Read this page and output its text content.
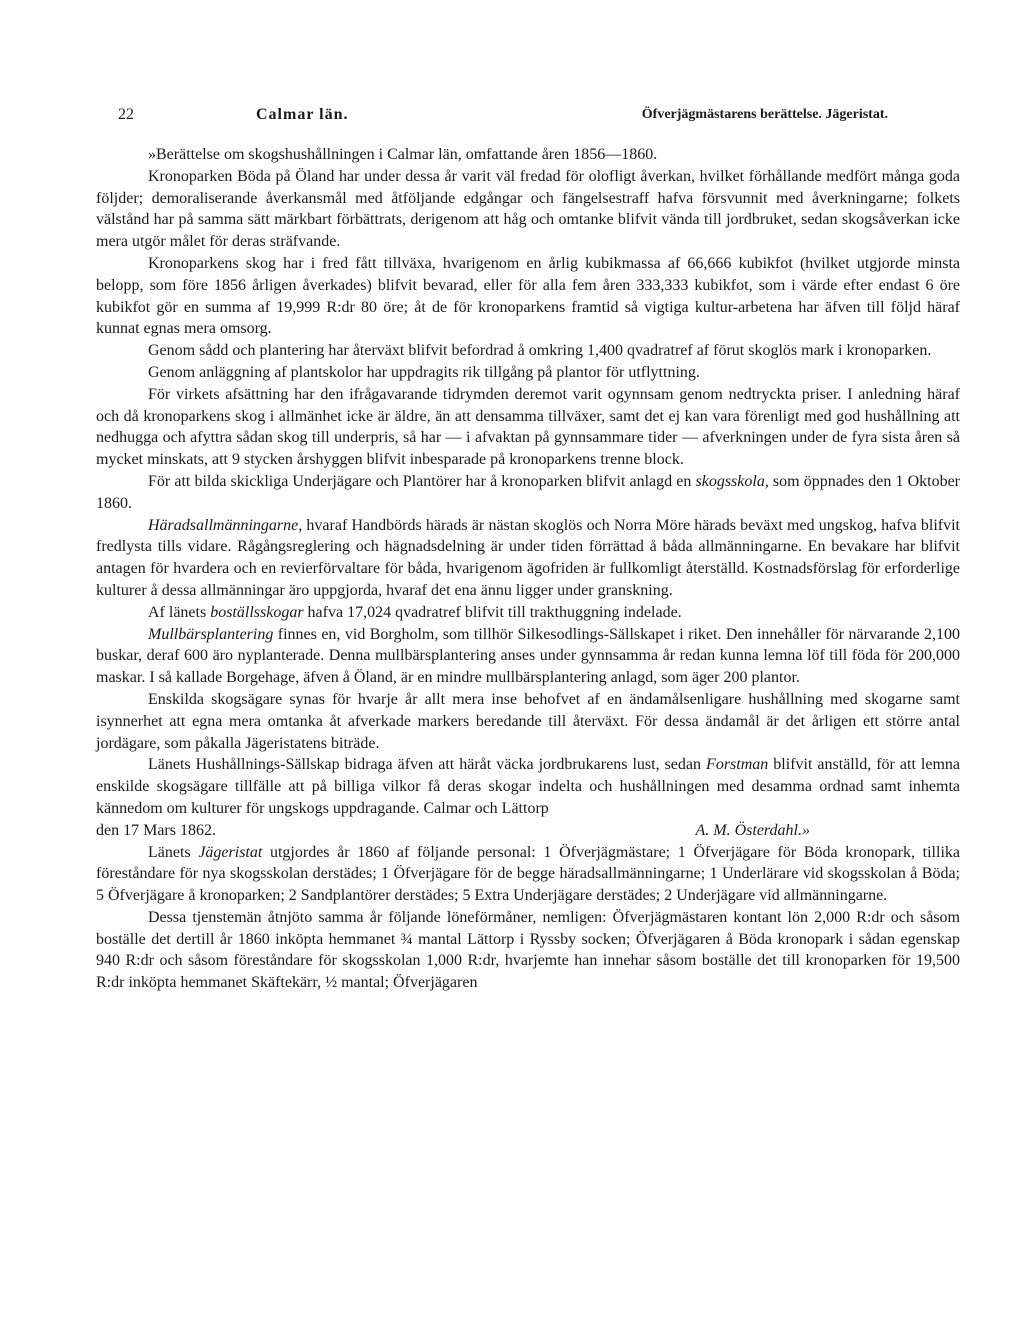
22	Calmar län.	Öfverjägmästarens berättelse. Jägeristat.

»Berättelse om skogshushållningen i Calmar län, omfattande åren 1856—1860.

Kronoparken Böda på Öland har under dessa år varit väl fredad för olofligt åverkan, hvilket förhållande medfört många goda följder; demoraliserande åverkansmål med åtföljande edgångar och fängelsestraff hafva försvunnit med åverkningarne; folkets välstånd har på samma sätt märkbart förbättrats, derigenom att håg och omtanke blifvit vända till jordbruket, sedan skogsåverkan icke mera utgör målet för deras sträfvande.

Kronoparkens skog har i fred fått tillväxa, hvarigenom en årlig kubikmassa af 66,666 kubikfot (hvilket utgjorde minsta belopp, som före 1856 årligen åverkades) blifvit bevarad, eller för alla fem åren 333,333 kubikfot, som i värde efter endast 6 öre kubikfot gör en summa af 19,999 R:dr 80 öre; åt de för kronoparkens framtid så vigtiga kultur-arbetena har äfven till följd häraf kunnat egnas mera omsorg.

Genom sådd och plantering har återväxt blifvit befordrad å omkring 1,400 qvadratref af förut skoglös mark i kronoparken.

Genom anläggning af plantskolor har uppdragits rik tillgång på plantor för utflyttning.

För virkets afsättning har den ifrågavarande tidrymden deremot varit ogynnsam genom nedtryckta priser. I anledning häraf och då kronoparkens skog i allmänhet icke är äldre, än att densamma tillväxer, samt det ej kan vara förenligt med god hushållning att nedhugga och afyttra sådan skog till underpris, så har — i afvaktan på gynnsammare tider — afverkningen under de fyra sista åren så mycket minskats, att 9 stycken årshyggen blifvit inbesparade på kronoparkens trenne block.

För att bilda skickliga Underjägare och Plantörer har å kronoparken blifvit anlagd en skogsskola, som öppnades den 1 Oktober 1860.

Häradsallmänningarne, hvaraf Handbörds härads är nästan skoglös och Norra Möre härads beväxt med ungskog, hafva blifvit fredlysta tills vidare. Rågångsreglering och hägnadsdelning är under tiden förrättad å båda allmänningarne. En bevakare har blifvit antagen för hvardera och en revierförvaltare för båda, hvarigenom ägofriden är fullkomligt återställd. Kostnadsförslag för erforderlige kulturer å dessa allmänningar äro uppgjorda, hvaraf det ena ännu ligger under granskning.

Af länets boställsskogar hafva 17,024 qvadratref blifvit till trakthuggning indelade.

Mullbärsplantering finnes en, vid Borgholm, som tillhör Silkesodlings-Sällskapet i riket. Den innehåller för närvarande 2,100 buskar, deraf 600 äro nyplanterade. Denna mullbärsplantering anses under gynnsamma år redan kunna lemna löf till föda för 200,000 maskar. I så kallade Borgehage, äfven å Öland, är en mindre mullbärsplantering anlagd, som äger 200 plantor.

Enskilda skogsägare synas för hvarje år allt mera inse behofvet af en ändamålsenligare hushållning med skogarne samt isynnerhet att egna mera omtanka åt afverkade markers beredande till återväxt. För dessa ändamål är det årligen ett större antal jordägare, som påkalla Jägeristatens biträde.

Länets Hushållnings-Sällskap bidraga äfven att häråt väcka jordbrukarens lust, sedan Forstman blifvit anställd, för att lemna enskilde skogsägare tillfälle att på billiga vilkor få deras skogar indelta och hushållningen med desamma ordnad samt inhemta kännedom om kulturer för ungskogs uppdragande. Calmar och Lättorp

den 17 Mars 1862.	A. M. Österdahl.»

Länets Jägeristat utgjordes år 1860 af följande personal: 1 Öfverjägmästare; 1 Öfverjägare för Böda kronopark, tillika föreståndare för nya skogsskolan derstädes; 1 Öfverjägare för de begge häradsallmänningarne; 1 Underlärare vid skogsskolan å Böda; 5 Öfverjägare å kronoparken; 2 Sandplantörer derstädes; 5 Extra Underjägare derstädes; 2 Underjägare vid allmänningarne.

Dessa tjenstemän åtnjöto samma år följande löneförmåner, nemligen: Öfverjägmästaren kontant lön 2,000 R:dr och såsom boställe det dertill år 1860 inköpta hemmanet ¾ mantal Lättorp i Ryssby socken; Öfverjägaren å Böda kronopark i sådan egenskap 940 R:dr och såsom föreståndare för skogsskolan 1,000 R:dr, hvarjemte han innehar såsom boställe det till kronoparken för 19,500 R:dr inköpta hemmanet Skäftekärr, ½ mantal; Öfverjägaren
